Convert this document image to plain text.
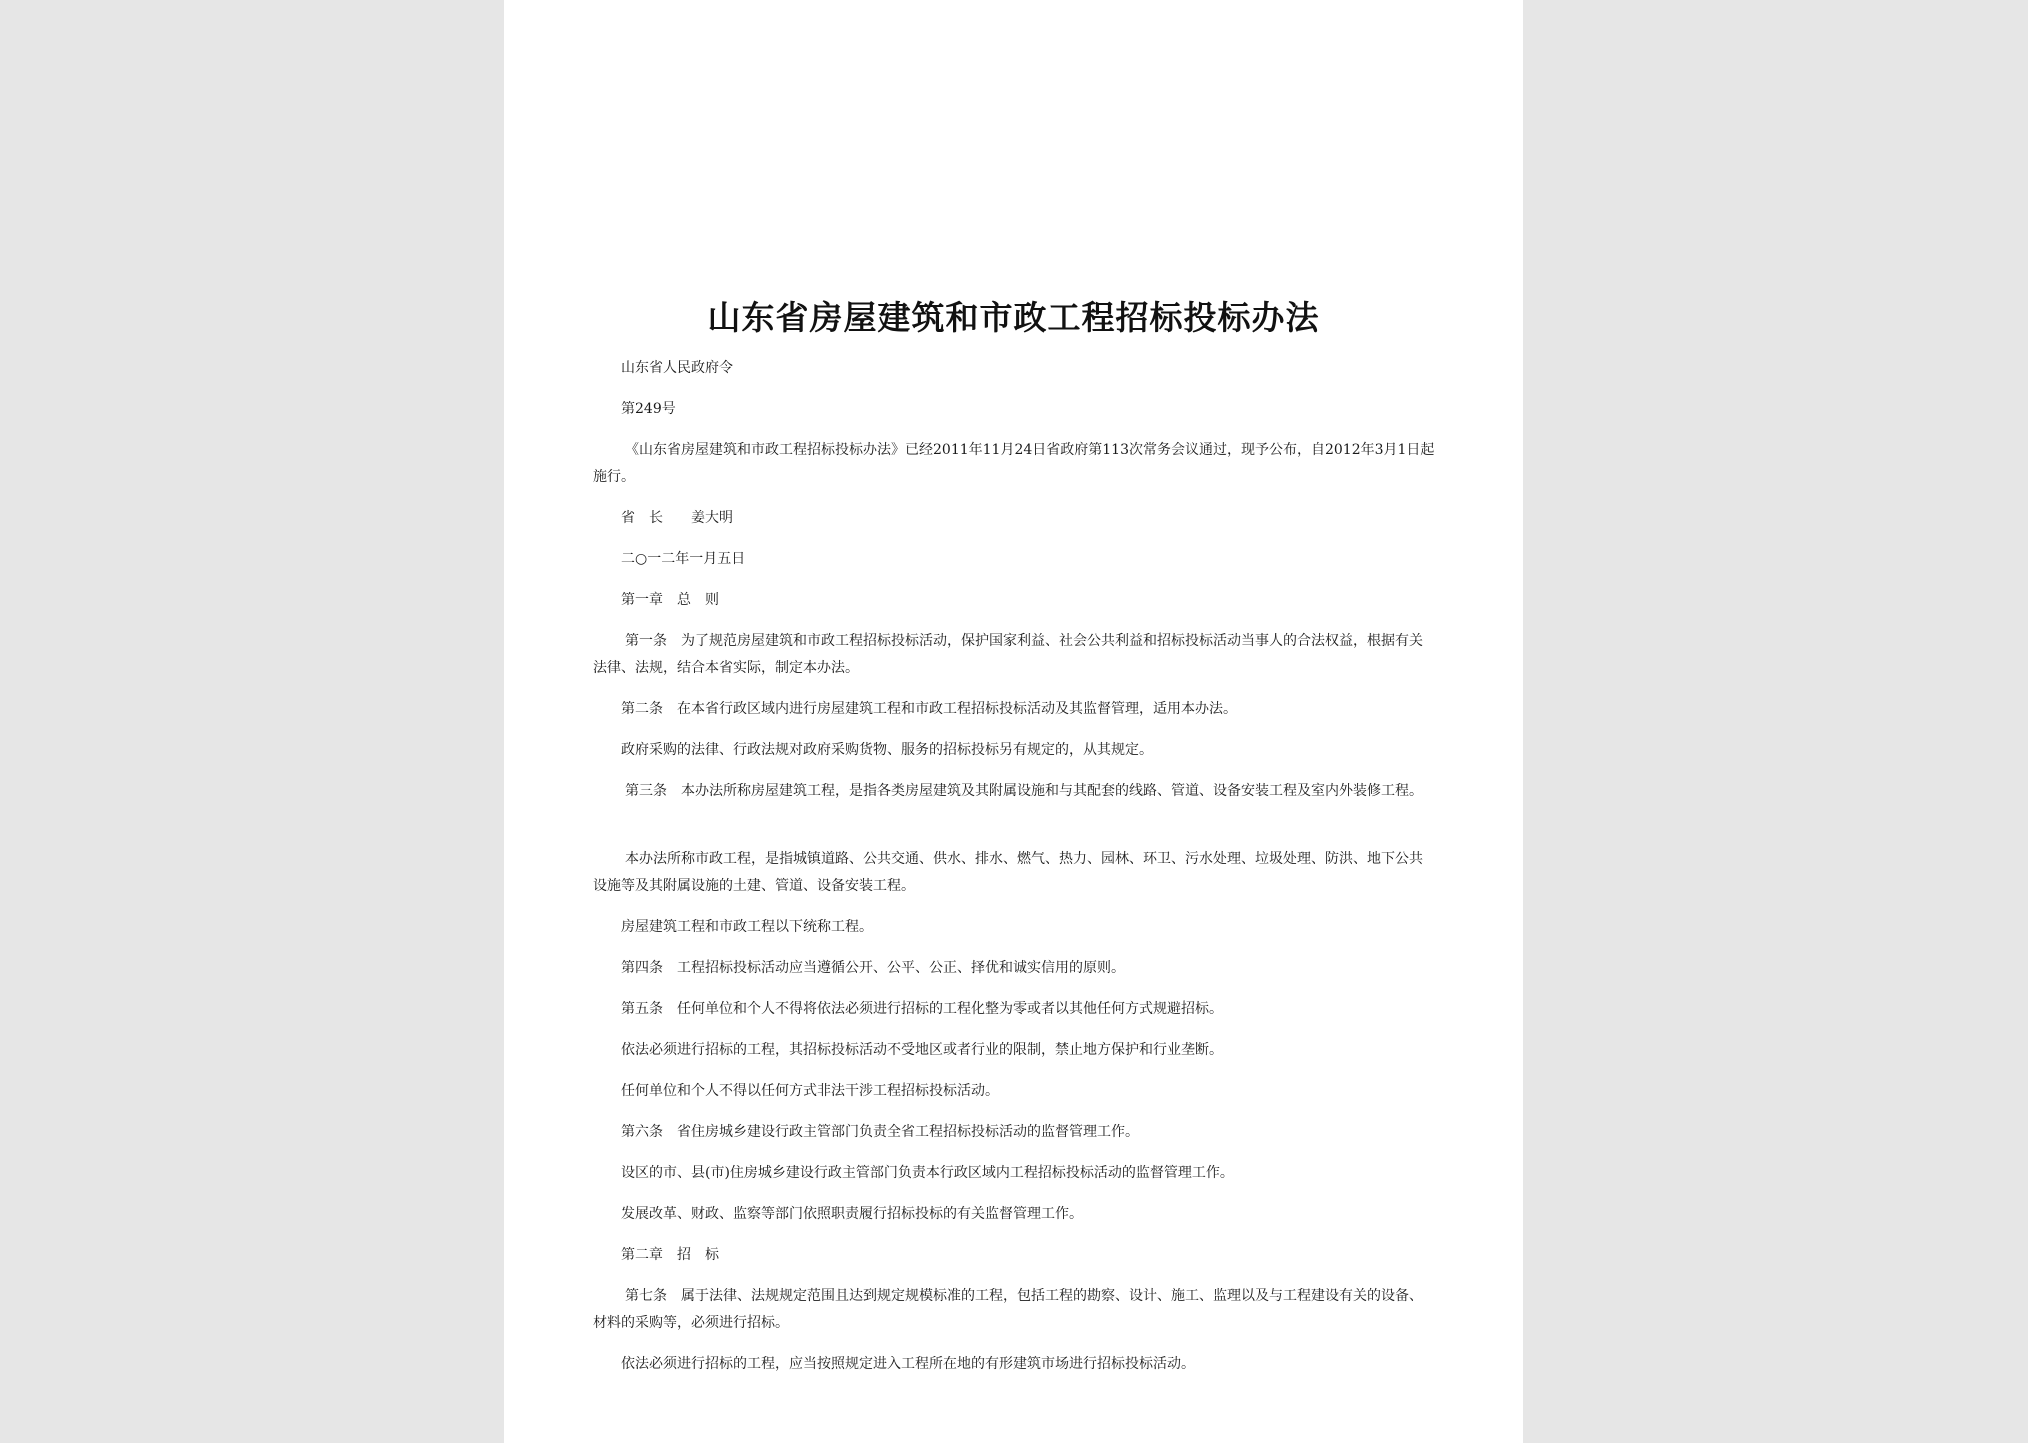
山东省房屋建筑和市政工程招标投标办法

山东省人民政府令

第249号

《山东省房屋建筑和市政工程招标投标办法》已经2011年11月24日省政府第113次常务会议通过，现予公布，自2012年3月1日起施行。

省　长　　姜大明

二○一二年一月五日

第一章　总　则

第一条　为了规范房屋建筑和市政工程招标投标活动，保护国家利益、社会公共利益和招标投标活动当事人的合法权益，根据有关法律、法规，结合本省实际，制定本办法。

第二条　在本省行政区域内进行房屋建筑工程和市政工程招标投标活动及其监督管理，适用本办法。

政府采购的法律、行政法规对政府采购货物、服务的招标投标另有规定的，从其规定。

第三条　本办法所称房屋建筑工程，是指各类房屋建筑及其附属设施和与其配套的线路、管道、设备安装工程及室内外装修工程。

本办法所称市政工程，是指城镇道路、公共交通、供水、排水、燃气、热力、园林、环卫、污水处理、垃圾处理、防洪、地下公共设施等及其附属设施的土建、管道、设备安装工程。

房屋建筑工程和市政工程以下统称工程。

第四条　工程招标投标活动应当遵循公开、公平、公正、择优和诚实信用的原则。

第五条　任何单位和个人不得将依法必须进行招标的工程化整为零或者以其他任何方式规避招标。

依法必须进行招标的工程，其招标投标活动不受地区或者行业的限制，禁止地方保护和行业垄断。

任何单位和个人不得以任何方式非法干涉工程招标投标活动。

第六条　省住房城乡建设行政主管部门负责全省工程招标投标活动的监督管理工作。

设区的市、县(市)住房城乡建设行政主管部门负责本行政区域内工程招标投标活动的监督管理工作。

发展改革、财政、监察等部门依照职责履行招标投标的有关监督管理工作。

第二章　招　标

第七条　属于法律、法规规定范围且达到规定规模标准的工程，包括工程的勘察、设计、施工、监理以及与工程建设有关的设备、材料的采购等，必须进行招标。

依法必须进行招标的工程，应当按照规定进入工程所在地的有形建筑市场进行招标投标活动。
